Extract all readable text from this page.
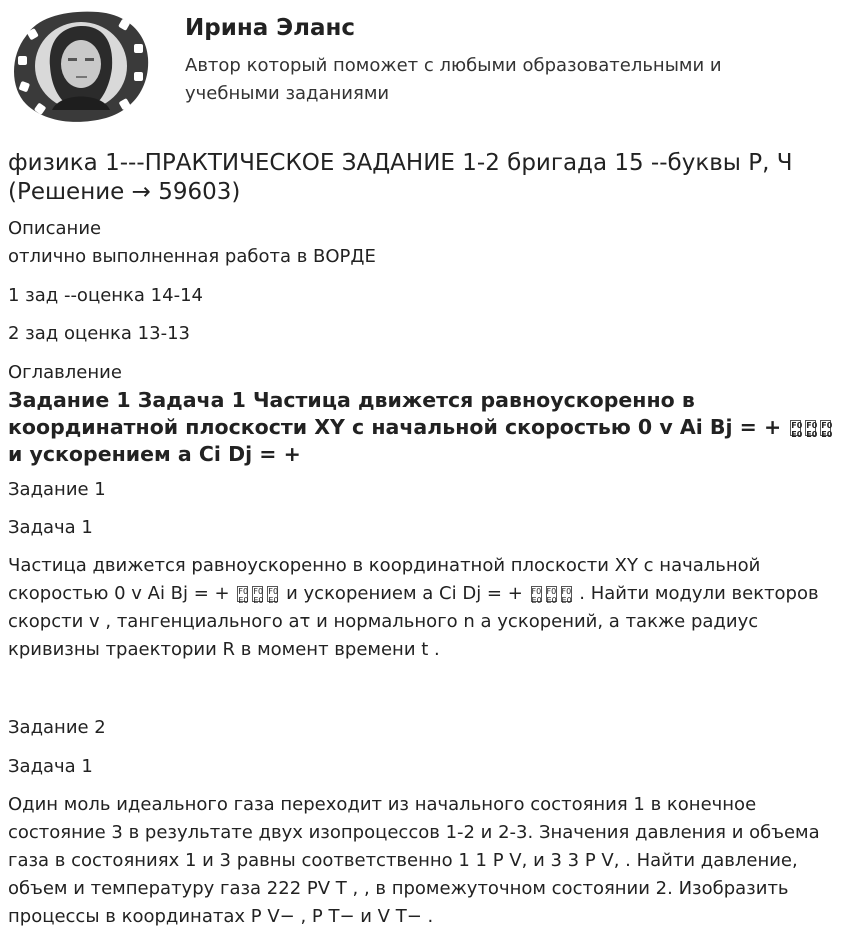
Ирина Эланс

Автор который поможет с любыми образовательными и учебными заданиями

физика 1---ПРАКТИЧЕСКОЕ ЗАДАНИЕ 1-2 бригада 15 --буквы Р, Ч (Решение → 59603)

Описание

отлично выполненная работа в ВОРДЕ

1 зад --оценка 14-14

2 зад оценка 13-13

Оглавление

Задание 1 Задача 1 Частица движется равноускоренно в координатной плоскости XY с начальной скоростью 0 v Ai Bj = + F0 E0F0 E0F0 E0 и ускорением a Ci Dj = +

Задание 1

Задача 1

Частица движется равноускоренно в координатной плоскости XY с начальной скоростью 0 v Ai Bj = + F0 E0F0 E0F0 E0 и ускорением a Ci Dj = + F0 E0F0 E0F0 E0 . Найти модули векторов скорсти v , тангенциального aτ и нормального n a ускорений, а также радиус кривизны траектории R в момент времени t .

Задание 2

Задача 1

Один моль идеального газа переходит из начального состояния 1 в конечное состояние 3 в результате двух изопроцессов 1-2 и 2-3. Значения давления и объема газа в состояниях 1 и 3 равны соответственно 1 1 P V, и 3 3 P V, . Найти давление, объем и температуру газа 222 PV T , , в промежуточном состоянии 2. Изобразить процессы в координатах P V− , P T− и V T− .
